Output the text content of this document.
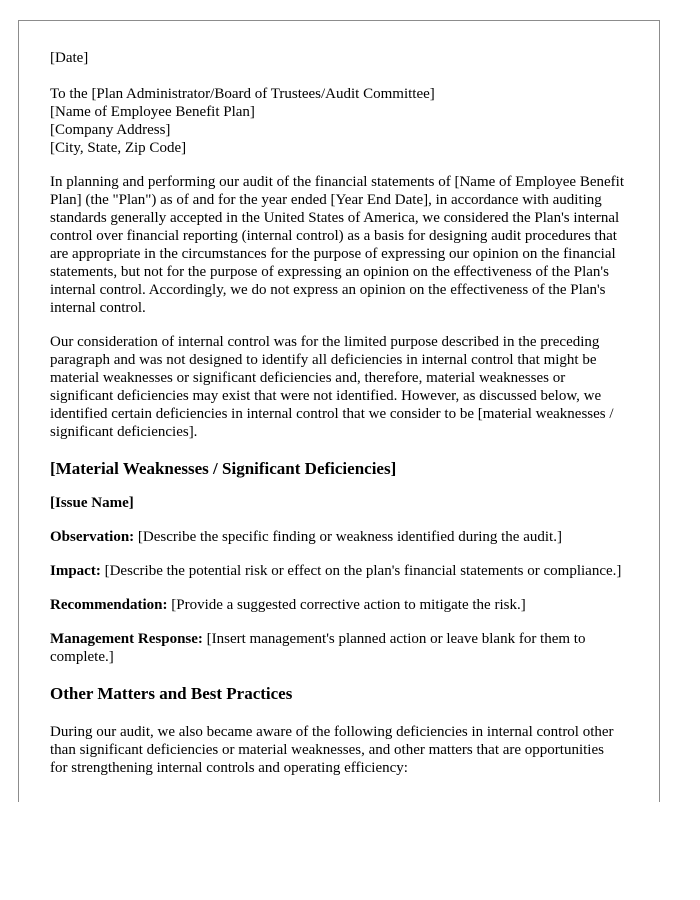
[Date]
To the [Plan Administrator/Board of Trustees/Audit Committee]
[Name of Employee Benefit Plan]
[Company Address]
[City, State, Zip Code]

In planning and performing our audit of the financial statements of [Name of Employee Benefit Plan] (the "Plan") as of and for the year ended [Year End Date], in accordance with auditing standards generally accepted in the United States of America, we considered the Plan's internal control over financial reporting (internal control) as a basis for designing audit procedures that are appropriate in the circumstances for the purpose of expressing our opinion on the financial statements, but not for the purpose of expressing an opinion on the effectiveness of the Plan's internal control. Accordingly, we do not express an opinion on the effectiveness of the Plan's internal control.

Our consideration of internal control was for the limited purpose described in the preceding paragraph and was not designed to identify all deficiencies in internal control that might be material weaknesses or significant deficiencies and, therefore, material weaknesses or significant deficiencies may exist that were not identified. However, as discussed below, we identified certain deficiencies in internal control that we consider to be [material weaknesses / significant deficiencies].

[Material Weaknesses / Significant Deficiencies]
[Issue Name]
Observation: [Describe the specific finding or weakness identified during the audit.]
Impact: [Describe the potential risk or effect on the plan's financial statements or compliance.]
Recommendation: [Provide a suggested corrective action to mitigate the risk.]
Management Response: [Insert management's planned action or leave blank for them to complete.]
Other Matters and Best Practices

During our audit, we also became aware of the following deficiencies in internal control other than significant deficiencies or material weaknesses, and other matters that are opportunities for strengthening internal controls and operating efficiency:
